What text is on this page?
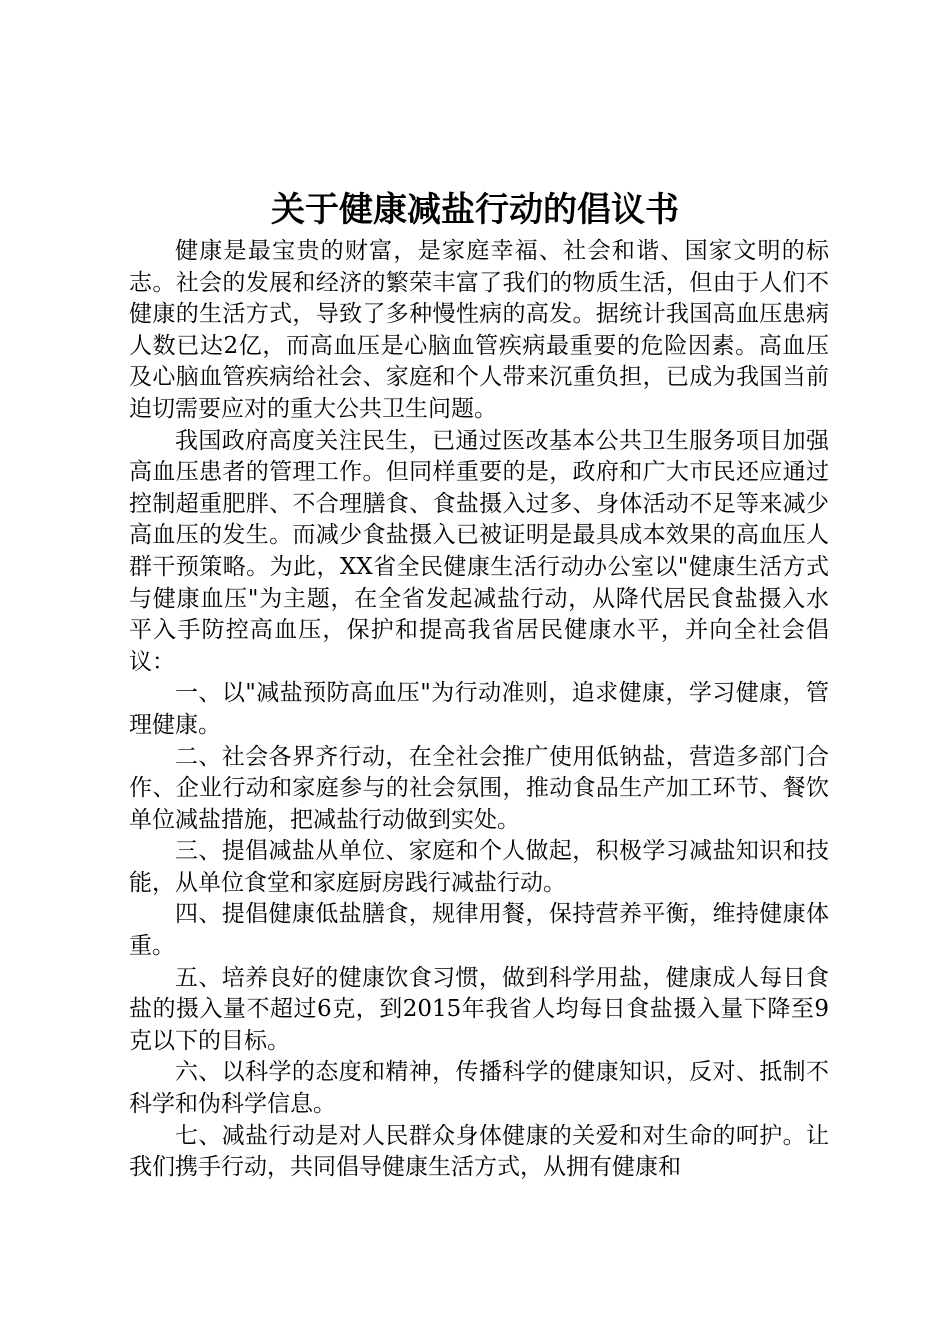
关于健康减盐行动的倡议书

健康是最宝贵的财富，是家庭幸福、社会和谐、国家文明的标志。社会的发展和经济的繁荣丰富了我们的物质生活，但由于人们不健康的生活方式，导致了多种慢性病的高发。据统计我国高血压患病人数已达2亿，而高血压是心脑血管疾病最重要的危险因素。高血压及心脑血管疾病给社会、家庭和个人带来沉重负担，已成为我国当前迫切需要应对的重大公共卫生问题。

我国政府高度关注民生，已通过医改基本公共卫生服务项目加强高血压患者的管理工作。但同样重要的是，政府和广大市民还应通过控制超重肥胖、不合理膳食、食盐摄入过多、身体活动不足等来减少高血压的发生。而减少食盐摄入已被证明是最具成本效果的高血压人群干预策略。为此，XX省全民健康生活行动办公室以"健康生活方式与健康血压"为主题，在全省发起减盐行动，从降代居民食盐摄入水平入手防控高血压，保护和提高我省居民健康水平，并向全社会倡议：

一、以"减盐预防高血压"为行动准则，追求健康，学习健康，管理健康。

二、社会各界齐行动，在全社会推广使用低钠盐，营造多部门合作、企业行动和家庭参与的社会氛围，推动食品生产加工环节、餐饮单位减盐措施，把减盐行动做到实处。

三、提倡减盐从单位、家庭和个人做起，积极学习减盐知识和技能，从单位食堂和家庭厨房践行减盐行动。

四、提倡健康低盐膳食，规律用餐，保持营养平衡，维持健康体重。

五、培养良好的健康饮食习惯，做到科学用盐，健康成人每日食盐的摄入量不超过6克，到2015年我省人均每日食盐摄入量下降至9克以下的目标。

六、以科学的态度和精神，传播科学的健康知识，反对、抵制不科学和伪科学信息。

七、减盐行动是对人民群众身体健康的关爱和对生命的呵护。让我们携手行动，共同倡导健康生活方式，从拥有健康和
